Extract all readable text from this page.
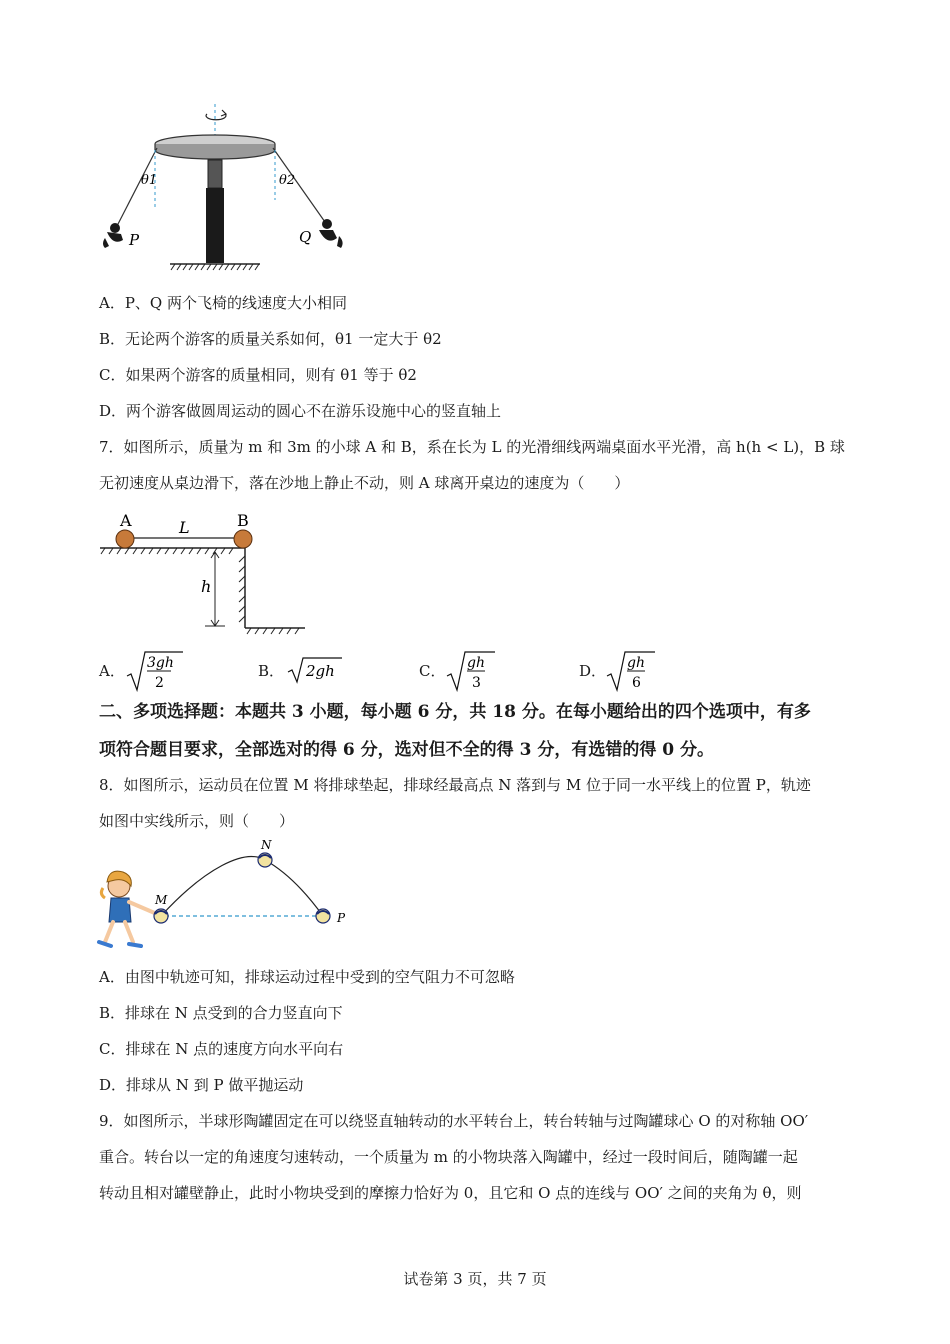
θ1	θ2
P	Q
A．P、Q 两个飞椅的线速度大小相同
B．无论两个游客的质量关系如何，θ1 一定大于 θ2
C．如果两个游客的质量相同，则有 θ1 等于 θ2
D．两个游客做圆周运动的圆心不在游乐设施中心的竖直轴上
7．如图所示，质量为 m 和 3m 的小球 A 和 B，系在长为 L 的光滑细线两端桌面水平光滑，高 h(h < L)，B 球
无初速度从桌边滑下，落在沙地上静止不动，则 A 球离开桌边的速度为（　　）
A	B
L
h
A． 3gh
2
B． 2gh	C． gh
3
D． gh
6
二、多项选择题：本题共 3 小题，每小题 6 分，共 18 分。在每小题给出的四个选项中，有多
项符合题目要求，全部选对的得 6 分，选对但不全的得 3 分，有选错的得 0 分。
8．如图所示，运动员在位置 M 将排球垫起，排球经最高点 N 落到与 M 位于同一水平线上的位置 P，轨迹
如图中实线所示，则（　　）
M
N
P
A．由图中轨迹可知，排球运动过程中受到的空气阻力不可忽略
B．排球在 N 点受到的合力竖直向下
C．排球在 N 点的速度方向水平向右
D．排球从 N 到 P 做平抛运动
9．如图所示，半球形陶罐固定在可以绕竖直轴转动的水平转台上，转台转轴与过陶罐球心 O 的对称轴 OO′
重合。转台以一定的角速度匀速转动，一个质量为 m 的小物块落入陶罐中，经过一段时间后，随陶罐一起
转动且相对罐壁静止，此时小物块受到的摩擦力恰好为 0，且它和 O 点的连线与 OO′ 之间的夹角为 θ，则
试卷第 3 页，共 7 页
